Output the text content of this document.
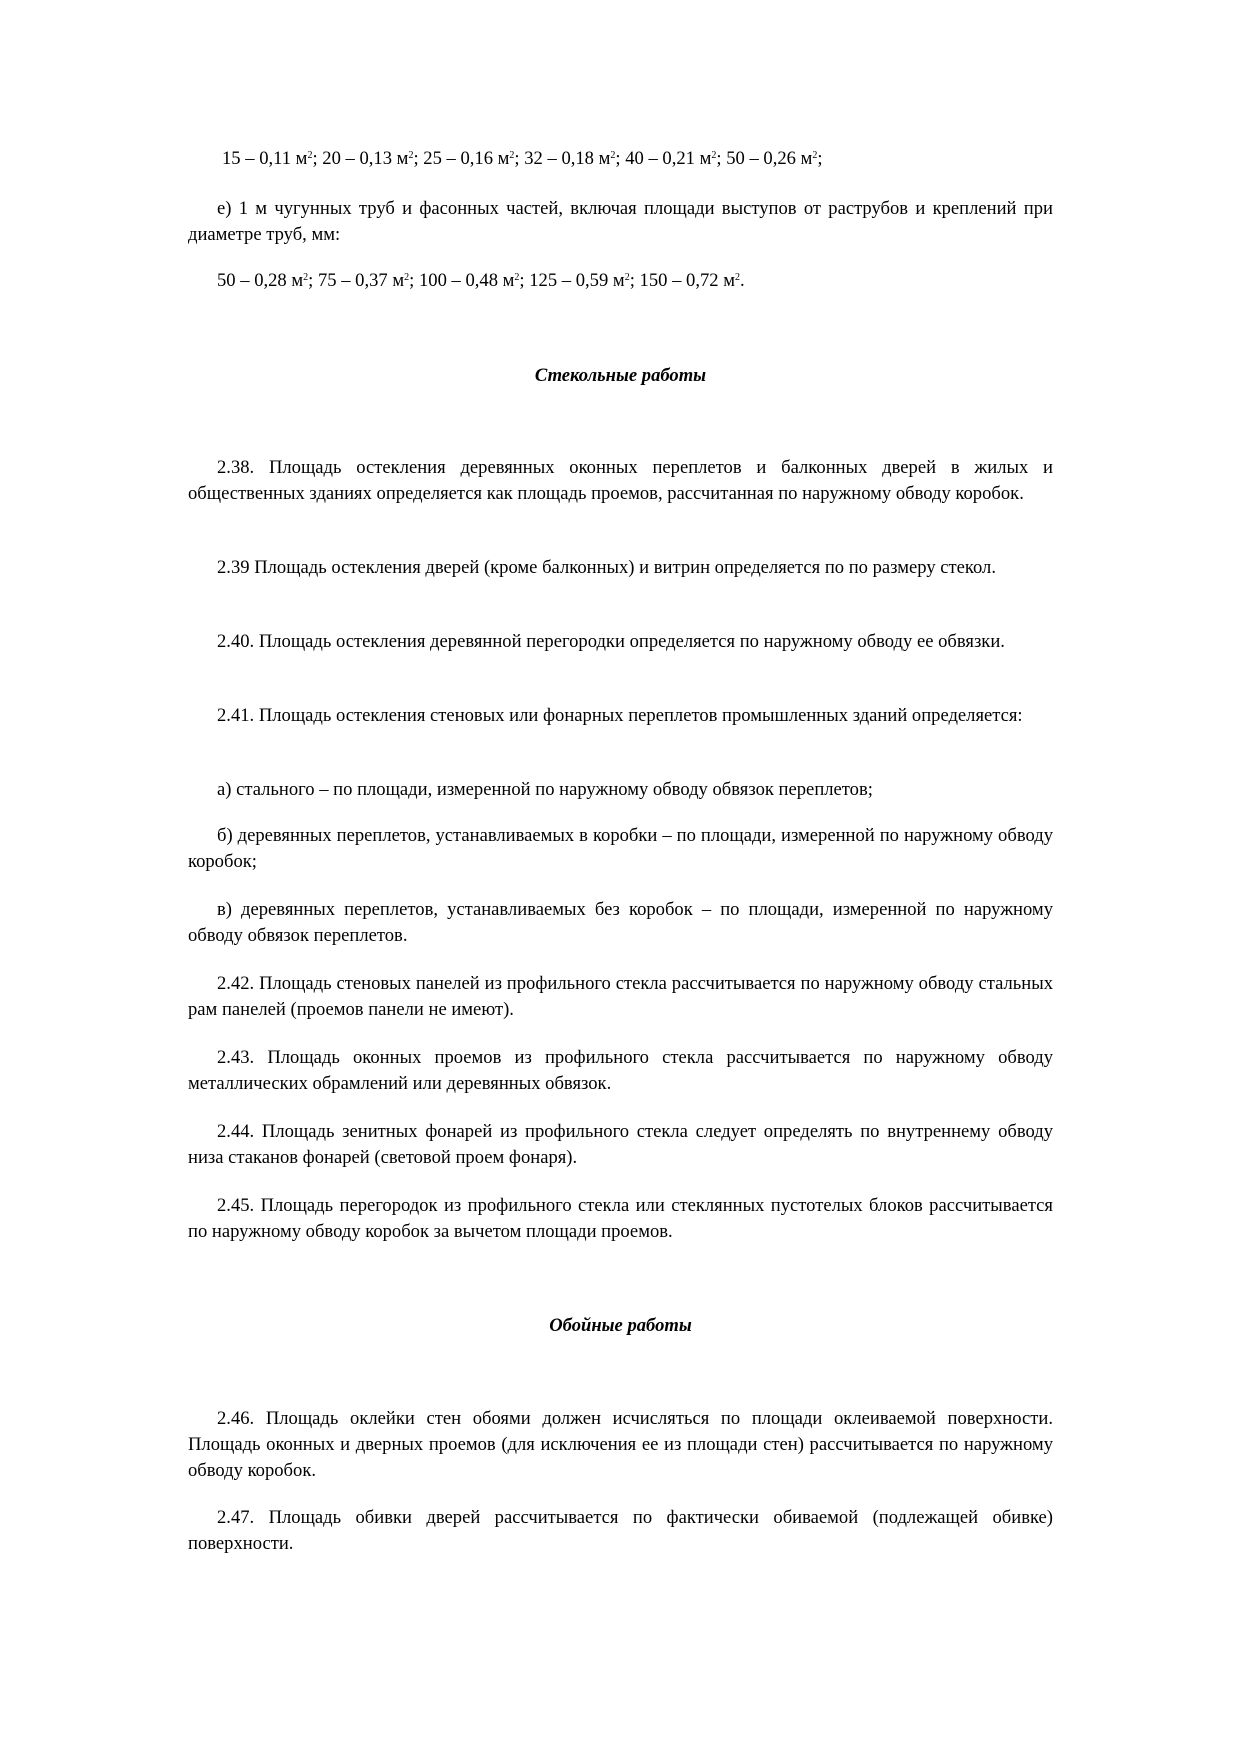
15 – 0,11 $м^2$; 20 – 0,13 $м^2$; 25 – 0,16 $м^2$; 32 – 0,18 $м^2$; 40 – 0,21 $м^2$; 50 – 0,26 $м^2$;

е) 1 м чугунных труб и фасонных частей, включая площади выступов от раструбов и креплений при диаметре труб, мм:

50 – 0,28 $м^2$; 75 – 0,37 $м^2$; 100 – 0,48 $м^2$; 125 – 0,59 $м^2$; 150 – 0,72 $м^2$.

Стекольные работы

2.38. Площадь остекления деревянных оконных переплетов и балконных дверей в жилых и общественных зданиях определяется как площадь проемов, рассчитанная по наружному обводу коробок.

2.39 Площадь остекления дверей (кроме балконных) и витрин определяется по по размеру стекол.

2.40. Площадь остекления деревянной перегородки определяется по наружному обводу ее обвязки.

2.41. Площадь остекления стеновых или фонарных переплетов промышленных зданий определяется:

а) стального – по площади, измеренной по наружному обводу обвязок переплетов;

б) деревянных переплетов, устанавливаемых в коробки – по площади, измеренной по наружному обводу коробок;

в) деревянных переплетов, устанавливаемых без коробок – по площади, измеренной по наружному обводу обвязок переплетов.

2.42. Площадь стеновых панелей из профильного стекла рассчитывается по наружному обводу стальных рам панелей (проемов панели не имеют).

2.43. Площадь оконных проемов из профильного стекла рассчитывается по наружному обводу металлических обрамлений или деревянных обвязок.

2.44. Площадь зенитных фонарей из профильного стекла следует определять по внутреннему обводу низа стаканов фонарей (световой проем фонаря).

2.45. Площадь перегородок из профильного стекла или стеклянных пустотелых блоков рассчитывается по наружному обводу коробок за вычетом площади проемов.

Обойные работы

2.46. Площадь оклейки стен обоями должен исчисляться по площади оклеиваемой поверхности. Площадь оконных и дверных проемов (для исключения ее из площади стен) рассчитывается по наружному обводу коробок.

2.47. Площадь обивки дверей рассчитывается по фактически обиваемой (подлежащей обивке) поверхности.
